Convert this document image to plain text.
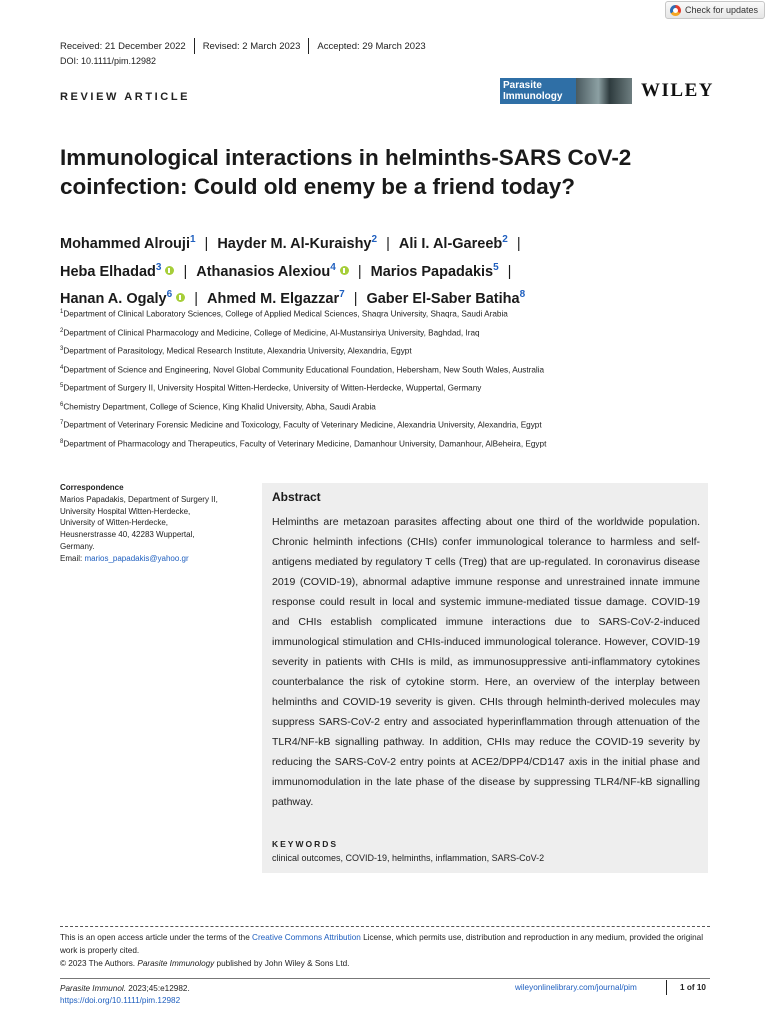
Check for updates
Received: 21 December 2022 Revised: 2 March 2023 Accepted: 29 March 2023
DOI: 10.1111/pim.12982
REVIEW ARTICLE
Parasite
Immunology	WILEY
Immunological interactions in helminths-SARS CoV-2 coinfection: Could old enemy be a friend today?
Mohammed Alrouji$^1$ | Hayder M. Al-Kuraishy$^2$ | Ali I. Al-Gareeb$^2$ |
Heba Elhadad$^3$ | Athanasios Alexiou$^4$ | Marios Papadakis$^5$ |
Hanan A. Ogaly$^6$ | Ahmed M. Elgazzar$^7$ | Gaber El-Saber Batiha$^8$
$^1$Department of Clinical Laboratory Sciences, College of Applied Medical Sciences, Shaqra University, Shaqra, Saudi Arabia
$^2$Department of Clinical Pharmacology and Medicine, College of Medicine, Al-Mustansiriya University, Baghdad, Iraq
$^3$Department of Parasitology, Medical Research Institute, Alexandria University, Alexandria, Egypt
$^4$Department of Science and Engineering, Novel Global Community Educational Foundation, Hebersham, New South Wales, Australia
$^5$Department of Surgery II, University Hospital Witten-Herdecke, University of Witten-Herdecke, Wuppertal, Germany
$^6$Chemistry Department, College of Science, King Khalid University, Abha, Saudi Arabia
$^7$Department of Veterinary Forensic Medicine and Toxicology, Faculty of Veterinary Medicine, Alexandria University, Alexandria, Egypt
$^8$Department of Pharmacology and Therapeutics, Faculty of Veterinary Medicine, Damanhour University, Damanhour, AlBeheira, Egypt
Correspondence
Marios Papadakis, Department of Surgery II,
University Hospital Witten-Herdecke,
University of Witten-Herdecke,
Heusnerstrasse 40, 42283 Wuppertal,
Germany.
Email: marios_papadakis@yahoo.gr
Abstract
Helminths are metazoan parasites affecting about one third of the worldwide population. Chronic helminth infections (CHIs) confer immunological tolerance to harmless and self-antigens mediated by regulatory T cells (Treg) that are up-regulated. In coronavirus disease 2019 (COVID-19), abnormal adaptive immune response and unrestrained innate immune response could result in local and systemic immune-mediated tissue damage. COVID-19 and CHIs establish complicated immune interactions due to SARS-CoV-2-induced immunological stimulation and CHIs-induced immunological tolerance. However, COVID-19 severity in patients with CHIs is mild, as immunosuppressive anti-inflammatory cytokines counterbalance the risk of cytokine storm. Here, an overview of the interplay between helminths and COVID-19 severity is given. CHIs through helminth-derived molecules may suppress SARS-CoV-2 entry and associated hyperinflammation through attenuation of the TLR4/NF-kB signalling pathway. In addition, CHIs may reduce the COVID-19 severity by reducing the SARS-CoV-2 entry points at ACE2/DPP4/CD147 axis in the initial phase and immunomodulation in the late phase of the disease by suppressing TLR4/NF-kB signalling pathway.
KEYWORDS
clinical outcomes, COVID-19, helminths, inflammation, SARS-CoV-2
This is an open access article under the terms of the Creative Commons Attribution License, which permits use, distribution and reproduction in any medium, provided the original work is properly cited.
© 2023 The Authors. Parasite Immunology published by John Wiley & Sons Ltd.
Parasite Immunol. 2023;45:e12982.
https://doi.org/10.1111/pim.12982
wileyonlinelibrary.com/journal/pim	1 of 10
